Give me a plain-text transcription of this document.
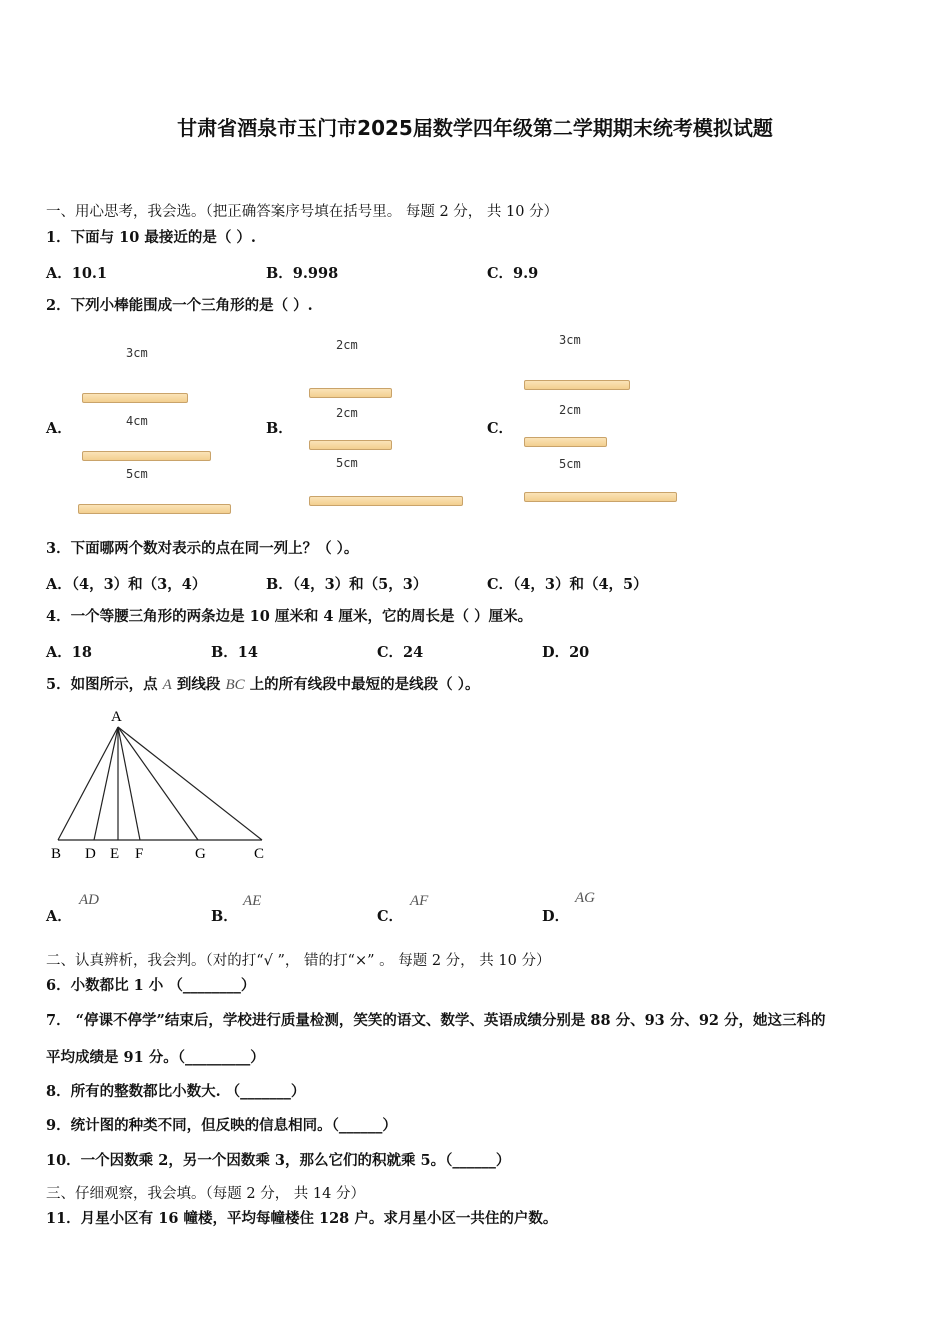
甘肃省酒泉市玉门市2025届数学四年级第二学期期末统考模拟试题
一、用心思考，我会选。（把正确答案序号填在括号里。 每题 2 分， 共 10 分）
1．下面与 10 最接近的是（ ）.
A．10.1	B．9.998	C．9.9
2．下列小棒能围成一个三角形的是（ ）.
A．
3cm
4cm
5cm
B．
2cm
2cm
5cm
C．
3cm
2cm
5cm
3．下面哪两个数对表示的点在同一列上？（ ）。
A．（4，3）和（3，4）	B．（4，3）和（5，3）	C．（4，3）和（4，5）
4．一个等腰三角形的两条边是 10 厘米和 4 厘米，它的周长是（ ）厘米。
A．18	B．14	C．24	D．20
5．如图所示，点 A 到线段 BC 上的所有线段中最短的是线段（ ）。
A
B D E F	G	C
A．
AD
B．
AE
C．
AF
D．
AG
二、认真辨析，我会判。（对的打“√ ”， 错的打“×” 。 每题 2 分， 共 10 分）
6．小数都比 1 小 （________）
7． “停课不停学”结束后，学校进行质量检测，笑笑的语文、数学、英语成绩分别是 88 分、93 分、92 分，她这三科的
平均成绩是 91 分。（_________）
8．所有的整数都比小数大. （_______）
9．统计图的种类不同，但反映的信息相同。（______）
10．一个因数乘 2，另一个因数乘 3，那么它们的积就乘 5。（______）
三、仔细观察，我会填。（每题 2 分， 共 14 分）
11．月星小区有 16 幢楼，平均每幢楼住 128 户。求月星小区一共住的户数。
